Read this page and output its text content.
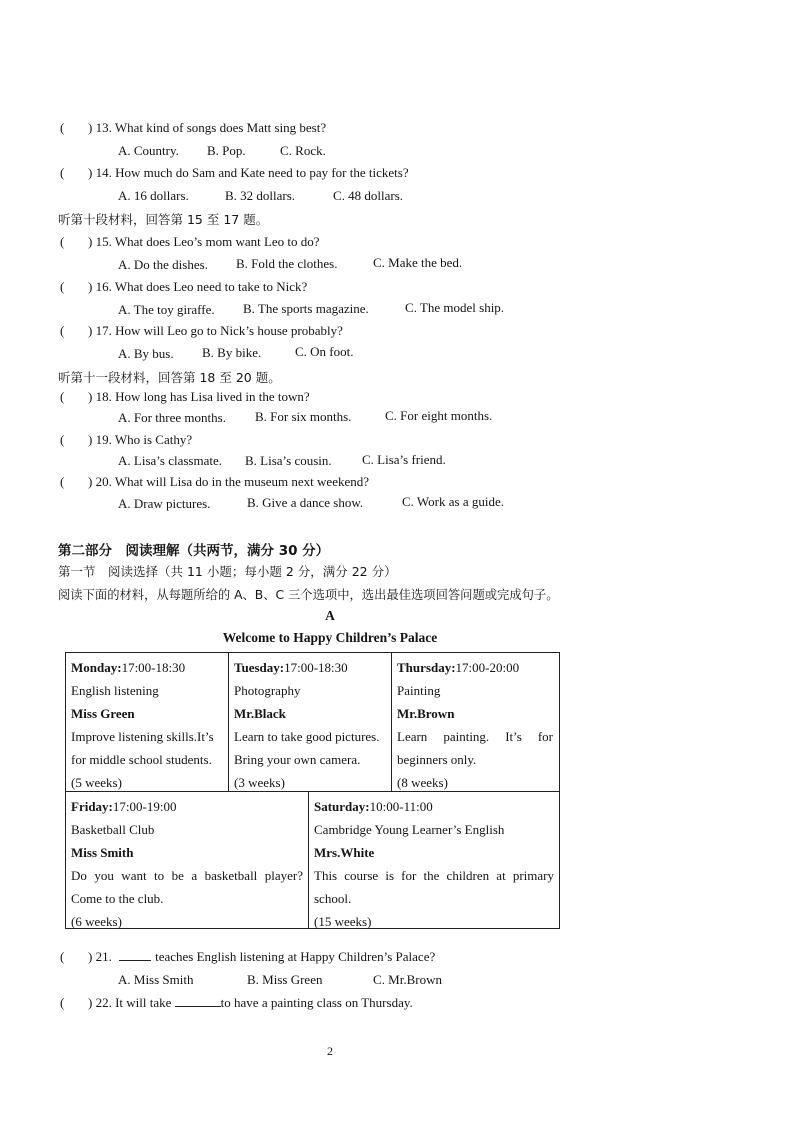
( ) 13. What kind of songs does Matt sing best?
A. Country. B. Pop.	C. Rock.
( ) 14. How much do Sam and Kate need to pay for the tickets?
A. 16 dollars.	B. 32 dollars.	C. 48 dollars.
听第十段材料，回答第 15 至 17 题。
( ) 15. What does Leo’s mom want Leo to do?
A. Do the dishes. B. Fold the clothes.	C. Make the bed.
( ) 16. What does Leo need to take to Nick?
A. The toy giraffe. B. The sports magazine.	C. The model ship.
( ) 17. How will Leo go to Nick’s house probably?
A. By bus. B. By bike.	C. On foot.
听第十一段材料，回答第 18 至 20 题。
( ) 18. How long has Lisa lived in the town?
A. For three months. B. For six months.	C. For eight months.
( ) 19. Who is Cathy?
A. Lisa’s classmate. B. Lisa’s cousin. C. Lisa’s friend.
( ) 20. What will Lisa do in the museum next weekend?
A. Draw pictures.	B. Give a dance show.	C. Work as a guide.
第二部分　阅读理解（共两节，满分 30 分）
第一节　阅读选择（共 11 小题；每小题 2 分，满分 22 分）
阅读下面的材料，从每题所给的 A、B、C 三个选项中，选出最佳选项回答问题或完成句子。
A
Welcome to Happy Children’s Palace
Monday:17:00-18:30
English listening
Miss Green
Improve listening skills.It’s
for middle school students.
(5 weeks)
Tuesday:17:00-18:30
Photography
Mr.Black
Learn to take good pictures.
Bring your own camera.
(3 weeks)
Thursday:17:00-20:00
Painting
Mr.Brown
Learn painting. It’s for
beginners only.
(8 weeks)
Friday:17:00-19:00
Basketball Club
Miss Smith
Do you want to be a basketball player?
Come to the club.
(6 weeks)
Saturday:10:00-11:00
Cambridge Young Learner’s English
Mrs.White
This course is for the children at primary
school.
(15 weeks)
( ) 21.	teaches English listening at Happy Children’s Palace?
A. Miss Smith	B. Miss Green	C. Mr.Brown
( ) 22. It will take	to have a painting class on Thursday.
2
